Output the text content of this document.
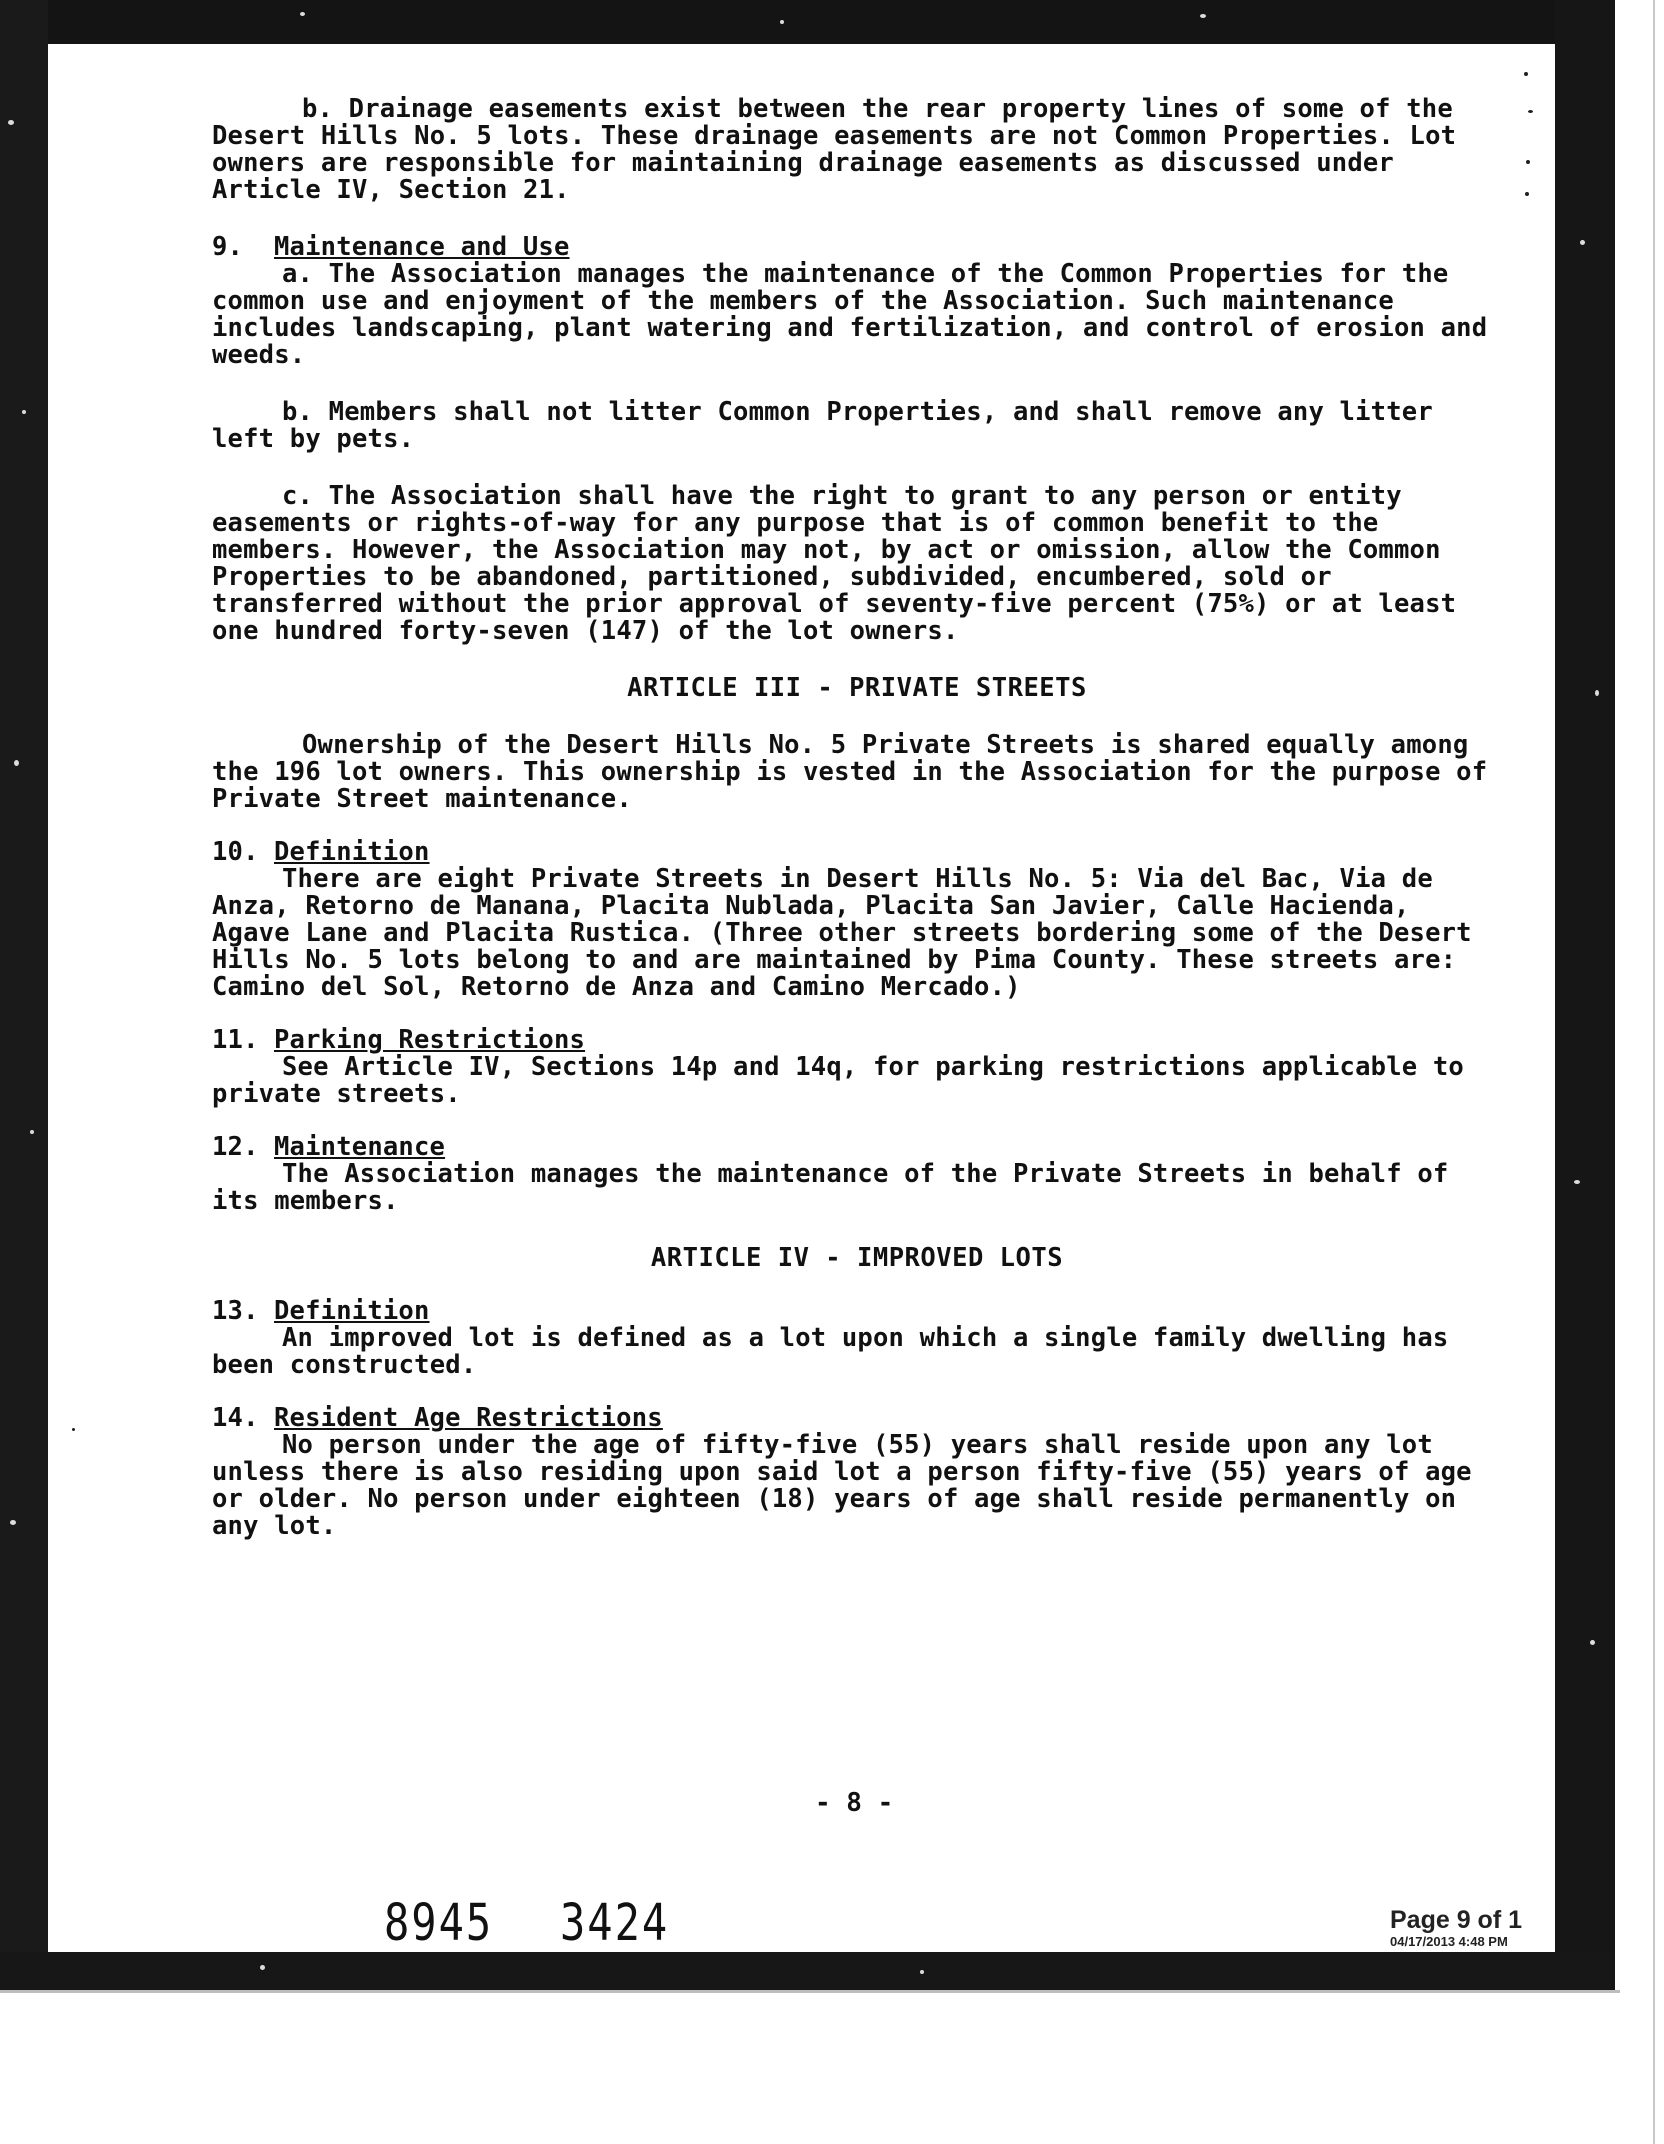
b. Drainage easements exist between the rear property lines of some of the Desert Hills No. 5 lots. These drainage easements are not Common Properties. Lot owners are responsible for maintaining drainage easements as discussed under Article IV, Section 21.

9. Maintenance and Use

a. The Association manages the maintenance of the Common Properties for the common use and enjoyment of the members of the Association. Such maintenance includes landscaping, plant watering and fertilization, and control of erosion and weeds.

b. Members shall not litter Common Properties, and shall remove any litter left by pets.

c. The Association shall have the right to grant to any person or entity easements or rights-of-way for any purpose that is of common benefit to the members. However, the Association may not, by act or omission, allow the Common Properties to be abandoned, partitioned, subdivided, encumbered, sold or transferred without the prior approval of seventy-five percent (75%) or at least one hundred forty-seven (147) of the lot owners.

ARTICLE III - PRIVATE STREETS

Ownership of the Desert Hills No. 5 Private Streets is shared equally among the 196 lot owners. This ownership is vested in the Association for the purpose of Private Street maintenance.

10. Definition

There are eight Private Streets in Desert Hills No. 5: Via del Bac, Via de Anza, Retorno de Manana, Placita Nublada, Placita San Javier, Calle Hacienda, Agave Lane and Placita Rustica. (Three other streets bordering some of the Desert Hills No. 5 lots belong to and are maintained by Pima County. These streets are: Camino del Sol, Retorno de Anza and Camino Mercado.)

11. Parking Restrictions

See Article IV, Sections 14p and 14q, for parking restrictions applicable to private streets.

12. Maintenance

The Association manages the maintenance of the Private Streets in behalf of its members.

ARTICLE IV - IMPROVED LOTS

13. Definition

An improved lot is defined as a lot upon which a single family dwelling has been constructed.

14. Resident Age Restrictions

No person under the age of fifty-five (55) years shall reside upon any lot unless there is also residing upon said lot a person fifty-five (55) years of age or older. No person under eighteen (18) years of age shall reside permanently on any lot.

- 8 -
8945 3424	Page 9 of 1
04/17/2013 4:48 PM
